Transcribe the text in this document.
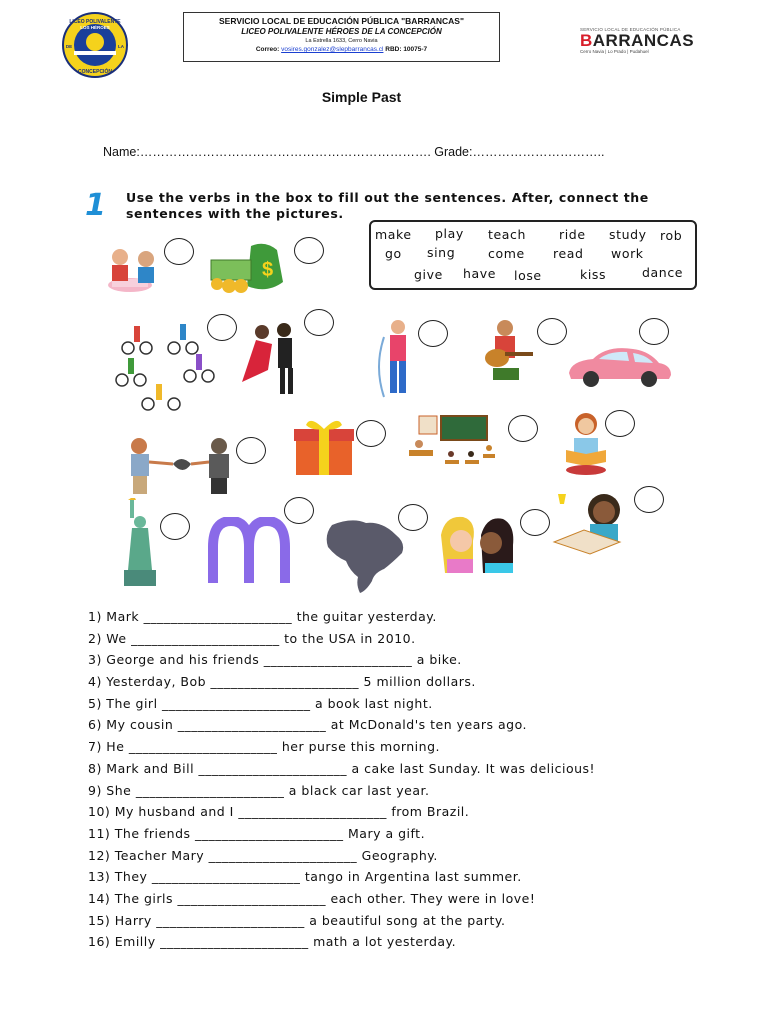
LICEO POLIVALENTE
LOS HÉROES
DE	LA
CONCEPCIÓN
SERVICIO LOCAL DE EDUCACIÓN PÚBLICA "BARRANCAS"
LICEO POLIVALENTE HÉROES DE LA CONCEPCIÓN
La Estrella 1633, Cerro Navia
Correo: vosires.gonzalez@slepbarrancas.cl RBD: 10075-7
SERVICIO LOCAL DE EDUCACIÓN PÚBLICA
BARRANCAS
Cerro Navia | Lo Prado | Pudahuel
Simple Past
Name:……………………………………………………………. Grade:…………………………..
1 Use the verbs in the box to fill out the sentences. After, connect the sentences with the pictures.
make play teach	ride study rob
go sing	come read work
give have lose	kiss	dance
$
1) Mark ______________________ the guitar yesterday.
2) We ______________________ to the USA in 2010.
3) George and his friends ______________________ a bike.
4) Yesterday, Bob ______________________ 5 million dollars.
5) The girl ______________________ a book last night.
6) My cousin ______________________ at McDonald's ten years ago.
7) He ______________________ her purse this morning.
8) Mark and Bill ______________________ a cake last Sunday. It was delicious!
9) She ______________________ a black car last year.
10) My husband and I ______________________ from Brazil.
11) The friends ______________________ Mary a gift.
12) Teacher Mary ______________________ Geography.
13) They ______________________ tango in Argentina last summer.
14) The girls ______________________ each other. They were in love!
15) Harry ______________________ a beautiful song at the party.
16) Emilly ______________________ math a lot yesterday.
